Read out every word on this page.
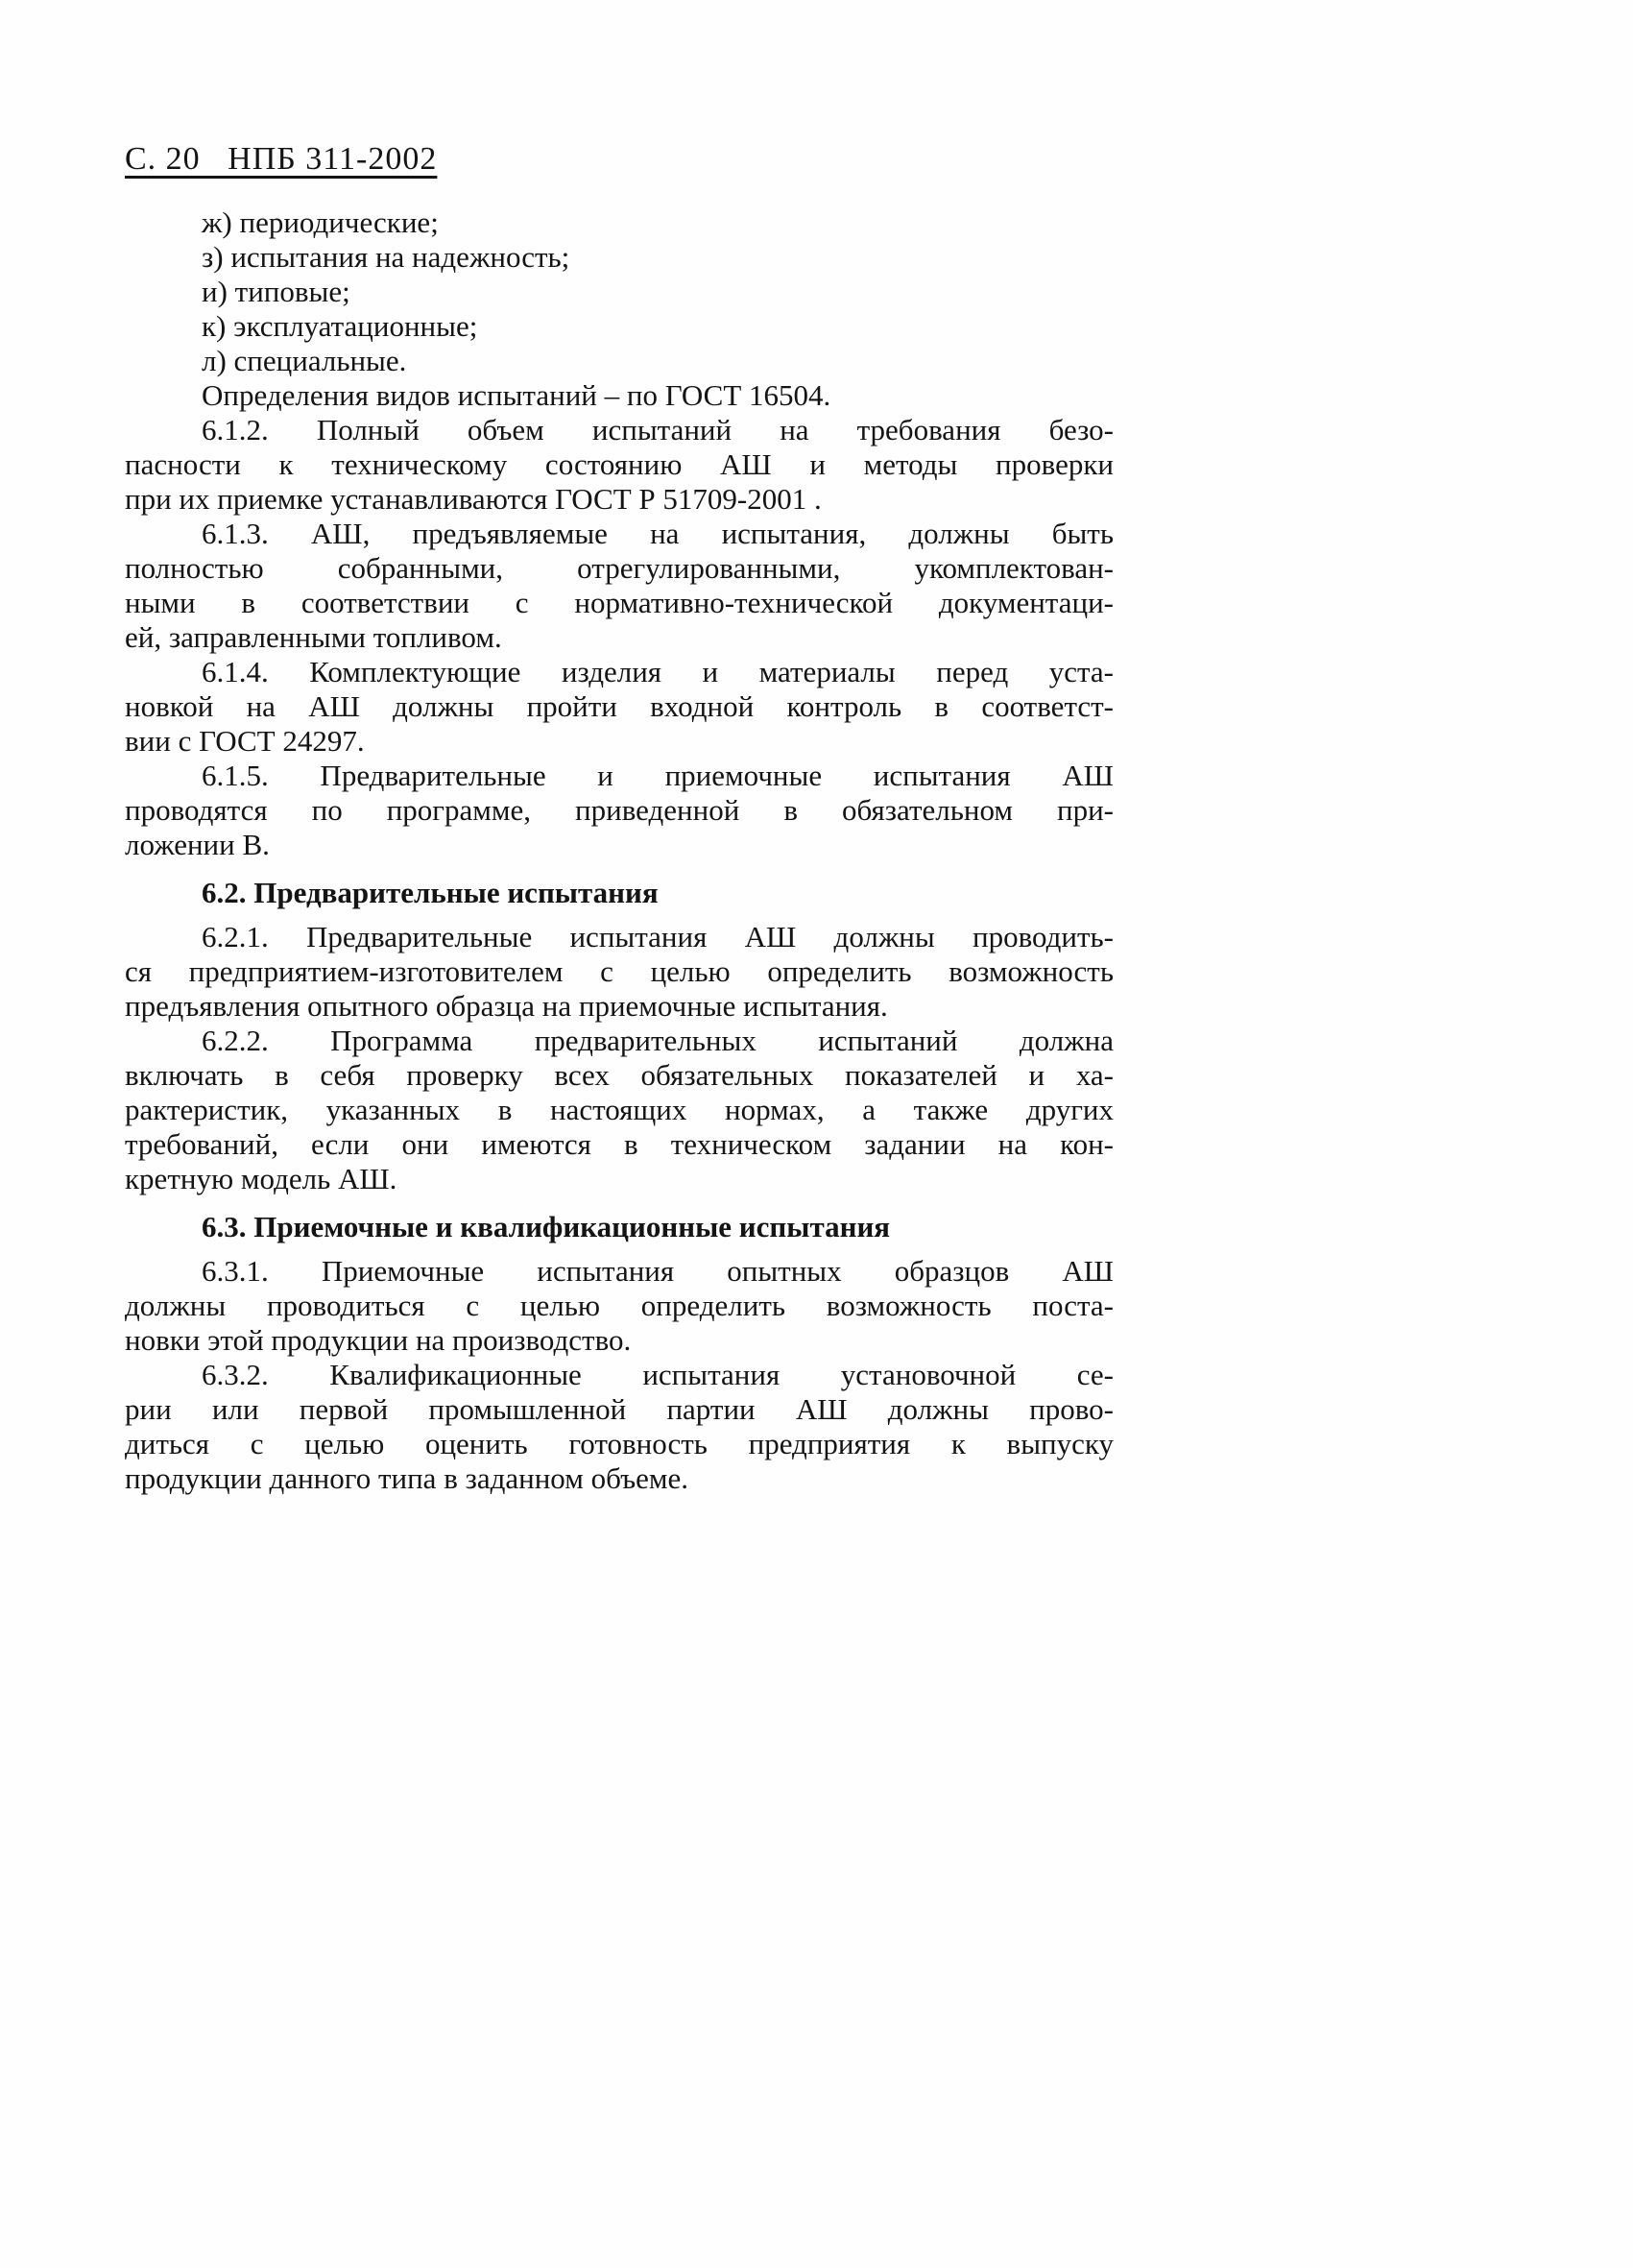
С. 20   НПБ 311-2002
ж) периодические;
з) испытания на надежность;
и) типовые;
к) эксплуатационные;
л) специальные.
Определения видов испытаний – по ГОСТ 16504.
6.1.2. Полный объем испытаний на требования безо-
пасности к техническому состоянию АШ и методы проверки
при их приемке устанавливаются ГОСТ Р 51709-2001 .
6.1.3. АШ, предъявляемые на испытания, должны быть
полностью собранными, отрегулированными, укомплектован-
ными в соответствии с нормативно-технической документаци-
ей, заправленными топливом.
6.1.4. Комплектующие изделия и материалы перед уста-
новкой на АШ должны пройти входной контроль в соответст-
вии с ГОСТ 24297.
6.1.5. Предварительные и приемочные испытания АШ
проводятся по программе, приведенной в обязательном при-
ложении В.
6.2. Предварительные испытания
6.2.1. Предварительные испытания АШ должны проводить-
ся предприятием-изготовителем с целью определить возможность
предъявления опытного образца на приемочные испытания.
6.2.2. Программа предварительных испытаний должна
включать в себя проверку всех обязательных показателей и ха-
рактеристик, указанных в настоящих нормах, а также других
требований, если они имеются в техническом задании на кон-
кретную модель АШ.
6.3. Приемочные и квалификационные испытания
6.3.1. Приемочные испытания опытных образцов АШ
должны проводиться с целью определить возможность поста-
новки этой продукции на производство.
6.3.2. Квалификационные испытания установочной се-
рии или первой промышленной партии АШ должны прово-
диться с целью оценить готовность предприятия к выпуску
продукции данного типа в заданном объеме.
